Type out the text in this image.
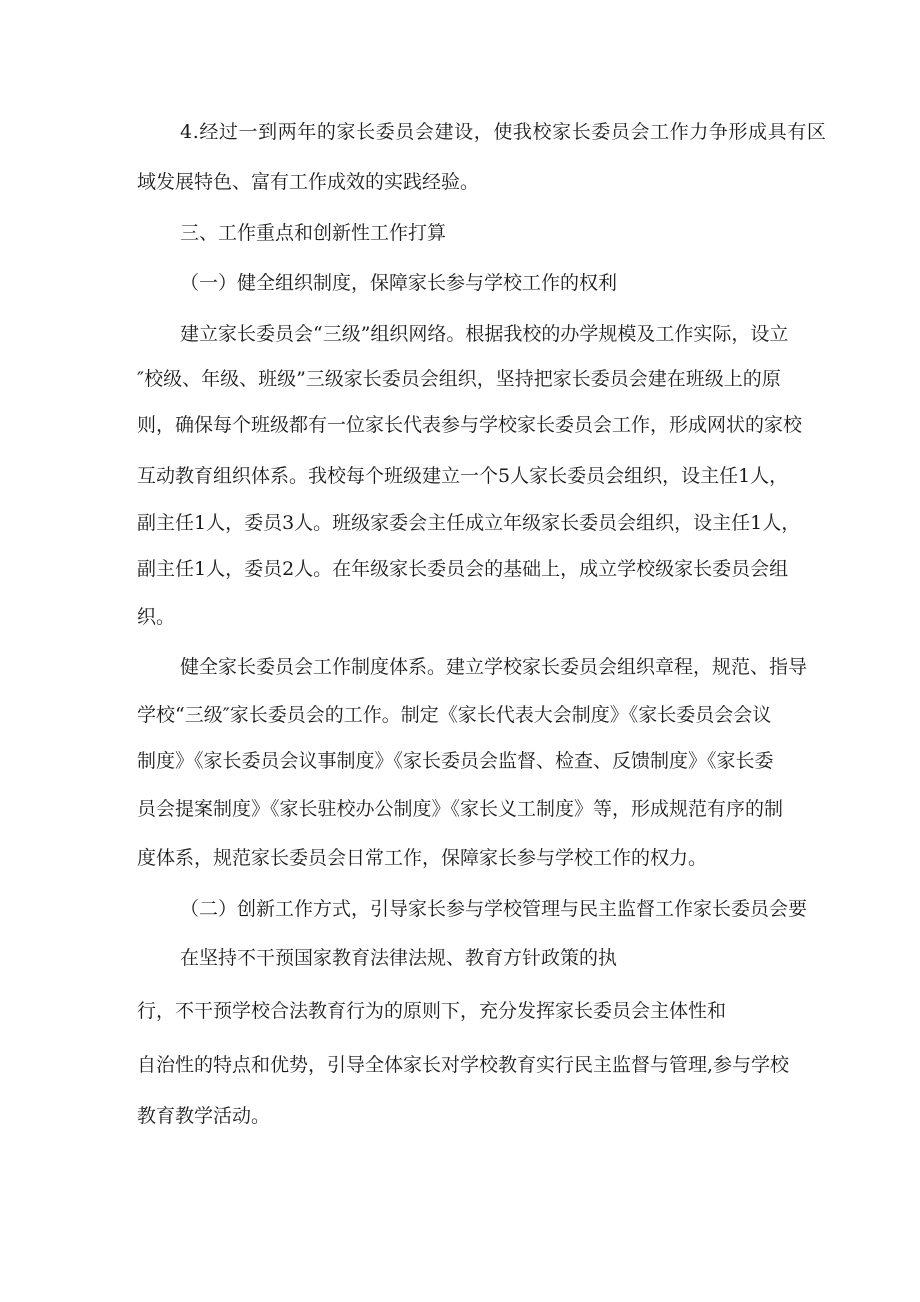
4.经过一到两年的家长委员会建设，使我校家长委员会工作力争形成具有区
域发展特色、富有工作成效的实践经验。
三、工作重点和创新性工作打算
（一）健全组织制度，保障家长参与学校工作的权利
建立家长委员会“三级”组织网络。根据我校的办学规模及工作实际，设立
″校级、年级、班级”三级家长委员会组织，坚持把家长委员会建在班级上的原
则，确保每个班级都有一位家长代表参与学校家长委员会工作，形成网状的家校
互动教育组织体系。我校每个班级建立一个5人家长委员会组织，设主任1人，
副主任1人，委员3人。班级家委会主任成立年级家长委员会组织，设主任1人，
副主任1人，委员2人。在年级家长委员会的基础上，成立学校级家长委员会组
织。
健全家长委员会工作制度体系。建立学校家长委员会组织章程，规范、指导
学校“三级″家长委员会的工作。制定《家长代表大会制度》《家长委员会会议
制度》《家长委员会议事制度》《家长委员会监督、检查、反馈制度》《家长委
员会提案制度》《家长驻校办公制度》《家长义工制度》等，形成规范有序的制
度体系，规范家长委员会日常工作，保障家长参与学校工作的权力。
（二）创新工作方式，引导家长参与学校管理与民主监督工作家长委员会要
在坚持不干预国家教育法律法规、教育方针政策的执
行，不干预学校合法教育行为的原则下，充分发挥家长委员会主体性和
自治性的特点和优势，引导全体家长对学校教育实行民主监督与管理,参与学校
教育教学活动。
